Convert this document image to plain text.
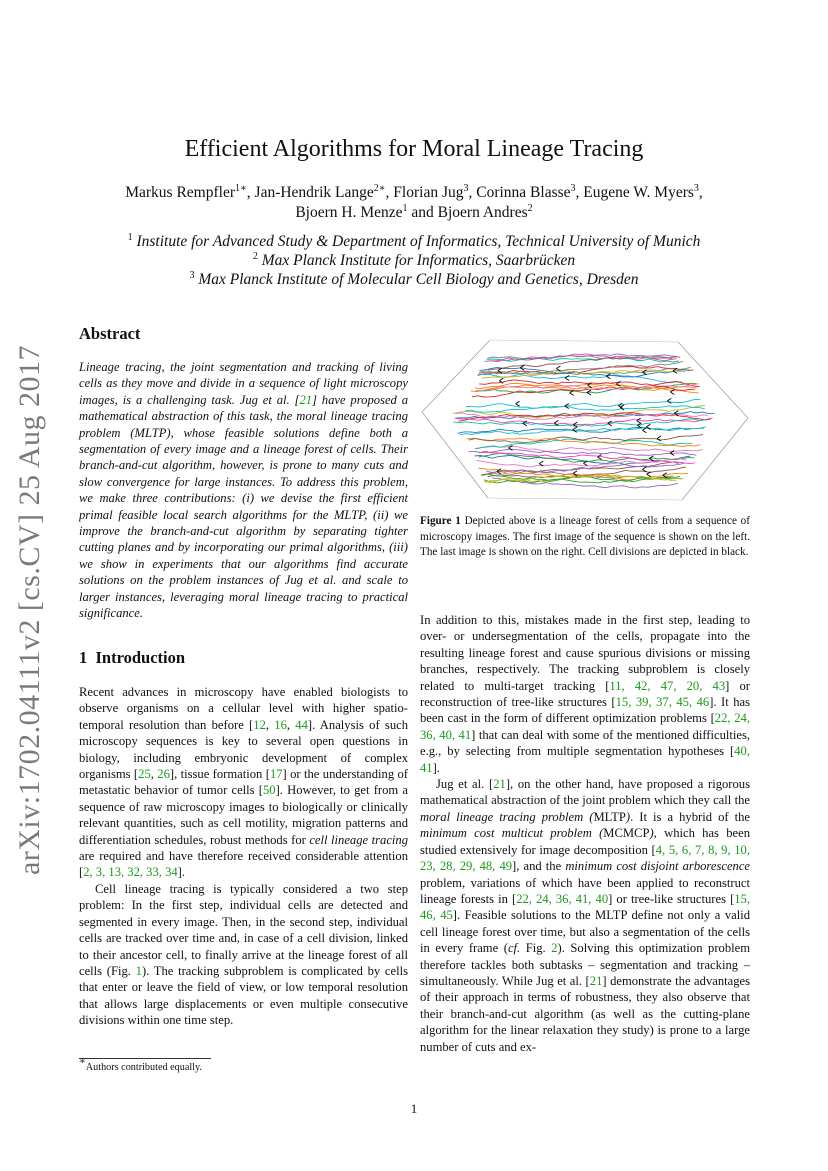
arXiv:1702.04111v2 [cs.CV] 25 Aug 2017
Efficient Algorithms for Moral Lineage Tracing
Markus Rempfler$^{1∗}$, Jan-Hendrik Lange$^{2∗}$, Florian Jug$^3$, Corinna Blasse$^3$, Eugene W. Myers$^3$,
Bjoern H. Menze$^1$ and Bjoern Andres$^2$
$^1$ Institute for Advanced Study & Department of Informatics, Technical University of Munich
$^2$ Max Planck Institute for Informatics, Saarbrücken
$^3$ Max Planck Institute of Molecular Cell Biology and Genetics, Dresden
Abstract

Lineage tracing, the joint segmentation and tracking of living cells as they move and divide in a sequence of light microscopy images, is a challenging task. Jug et al. [21] have proposed a mathematical abstraction of this task, the moral lineage tracing problem (MLTP), whose feasible solutions define both a segmentation of every image and a lineage forest of cells. Their branch-and-cut algorithm, however, is prone to many cuts and slow convergence for large instances. To address this problem, we make three contributions: (i) we devise the first efficient primal feasible local search algorithms for the MLTP, (ii) we improve the branch-and-cut algorithm by separating tighter cutting planes and by incorporating our primal algorithms, (iii) we show in experiments that our algorithms find accurate solutions on the problem instances of Jug et al. and scale to larger instances, leveraging moral lineage tracing to practical significance.

1 Introduction

Recent advances in microscopy have enabled biologists to observe organisms on a cellular level with higher spatio-temporal resolution than before [12, 16, 44]. Analysis of such microscopy sequences is key to several open questions in biology, including embryonic development of complex organisms [25, 26], tissue formation [17] or the understanding of metastatic behavior of tumor cells [50]. However, to get from a sequence of raw microscopy images to biologically or clinically relevant quantities, such as cell motility, migration patterns and differentiation schedules, robust methods for cell lineage tracing are required and have therefore received considerable attention [2, 3, 13, 32, 33, 34].

Cell lineage tracing is typically considered a two step problem: In the first step, individual cells are detected and segmented in every image. Then, in the second step, individual cells are tracked over time and, in case of a cell division, linked to their ancestor cell, to finally arrive at the lineage forest of all cells (Fig. 1). The tracking subproblem is complicated by cells that enter or leave the field of view, or low temporal resolution that allows large displacements or even multiple consecutive divisions within one time step.

∗Authors contributed equally.
Figure 1 Depicted above is a lineage forest of cells from a sequence of microscopy images. The first image of the sequence is shown on the left. The last image is shown on the right. Cell divisions are depicted in black.

In addition to this, mistakes made in the first step, leading to over- or undersegmentation of the cells, propagate into the resulting lineage forest and cause spurious divisions or missing branches, respectively. The tracking subproblem is closely related to multi-target tracking [11, 42, 47, 20, 43] or reconstruction of tree-like structures [15, 39, 37, 45, 46]. It has been cast in the form of different optimization problems [22, 24, 36, 40, 41] that can deal with some of the mentioned difficulties, e.g., by selecting from multiple segmentation hypotheses [40, 41].

Jug et al. [21], on the other hand, have proposed a rigorous mathematical abstraction of the joint problem which they call the moral lineage tracing problem (MLTP). It is a hybrid of the minimum cost multicut problem (MCMCP), which has been studied extensively for image decomposition [4, 5, 6, 7, 8, 9, 10, 23, 28, 29, 48, 49], and the minimum cost disjoint arborescence problem, variations of which have been applied to reconstruct lineage forests in [22, 24, 36, 41, 40] or tree-like structures [15, 46, 45]. Feasible solutions to the MLTP define not only a valid cell lineage forest over time, but also a segmentation of the cells in every frame (cf. Fig. 2). Solving this optimization problem therefore tackles both subtasks – segmentation and tracking – simultaneously. While Jug et al. [21] demonstrate the advantages of their approach in terms of robustness, they also observe that their branch-and-cut algorithm (as well as the cutting-plane algorithm for the linear relaxation they study) is prone to a large number of cuts and ex-

1
